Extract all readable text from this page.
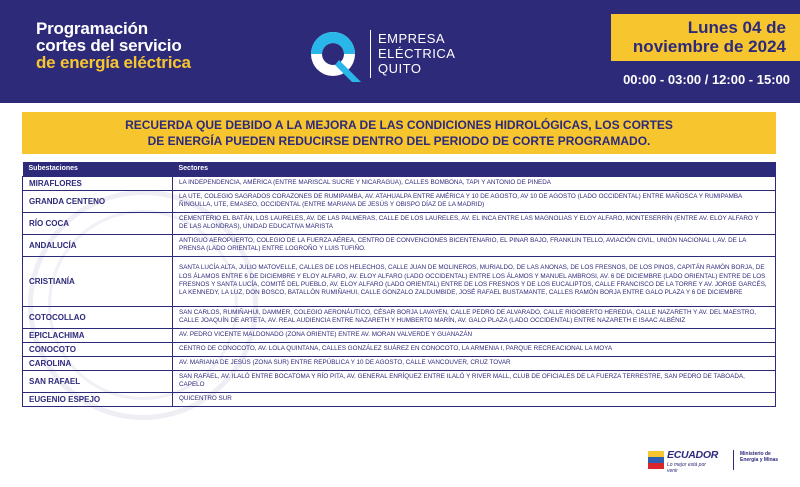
Programación
cortes del servicio
de energía eléctrica
EMPRESA
ELÉCTRICA
QUITO
Lunes 04 de
noviembre de 2024
00:00 - 03:00 / 12:00 - 15:00
RECUERDA QUE DEBIDO A LA MEJORA DE LAS CONDICIONES HIDROLÓGICAS, LOS CORTES
DE ENERGÍA PUEDEN REDUCIRSE DENTRO DEL PERIODO DE CORTE PROGRAMADO.
Subestaciones	Sectores
MIRAFLORES	LA INDEPENDENCIA, AMÉRICA (ENTRE MARISCAL SUCRE Y NICARAGUA), CALLES BOMBONA, TAPI Y ANTONIO DE PINEDA
GRANDA CENTENO	LA UTE, COLEGIO SAGRADOS CORAZONES DE RUMIPAMBA, AV. ATAHUALPA ENTRE AMÉRICA Y 10 DE AGOSTO, AV 10 DE AGOSTO (LADO OCCIDENTAL) ENTRE MAÑOSCA Y RUMIPAMBA ÑINGULLA, UTE, EMASEO, OCCIDENTAL (ENTRE MARIANA DE JESÚS Y OBISPO DÍAZ DE LA MADRID)
RÍO COCA	CEMENTERIO EL BATÁN, LOS LAURELES, AV. DE LAS PALMERAS, CALLE DE LOS LAURELES, AV. EL INCA ENTRE LAS MAGNOLIAS Y ELOY ALFARO, MONTESERRÍN (ENTRE AV. ELOY ALFARO Y DE LAS ALONDRAS), UNIDAD EDUCATIVA MARISTA
ANDALUCÍA	ANTIGUO AEROPUERTO, COLEGIO DE LA FUERZA AÉREA, CENTRO DE CONVENCIONES BICENTENARIO, EL PINAR BAJO, FRANKLIN TELLO, AVIACIÓN CIVIL, UNIÓN NACIONAL I, AV. DE LA PRENSA (LADO ORIENTAL) ENTRE LOGROÑO Y LUIS TUFIÑO.
CRISTIANÍA	SANTA LUCÍA ALTA, JULIO MATOVELLE, CALLES DE LOS HELECHOS, CALLE JUAN DE MOLINEROS, MURIALDO, DE LAS ANONAS, DE LOS FRESNOS, DE LOS PINOS, CAPITÁN RAMÓN BORJA, DE LOS ÁLAMOS ENTRE 6 DE DICIEMBRE Y ELOY ALFARO, AV. ELOY ALFARO (LADO OCCIDENTAL) ENTRE LOS ÁLAMOS Y MANUEL AMBROSI, AV. 6 DE DICIEMBRE (LADO ORIENTAL) ENTRE DE LOS FRESNOS Y SANTA LUCÍA, COMITÉ DEL PUEBLO, AV. ELOY ALFARO (LADO ORIENTAL) ENTRE DE LOS FRESNOS Y DE LOS EUCALIPTOS, CALLE FRANCISCO DE LA TORRE Y AV. JORGE GARCÉS, LA KENNEDY, LA LUZ, DON BOSCO, BATALLÓN RUMIÑAHUI, CALLE GONZALO ZALDUMBIDE, JOSÉ RAFAEL BUSTAMANTE, CALLES RAMÓN BORJA ENTRE GALO PLAZA Y 6 DE DICIEMBRE
COTOCOLLAO	SAN CARLOS, RUMIÑAHUI, DAMMER, COLEGIO AERONÁUTICO, CÉSAR BORJA LAVAYEN, CALLE PEDRO DE ALVARADO, CALLE RIGOBERTO HEREDIA, CALLE NAZARETH Y AV. DEL MAESTRO, CALLE JOAQUÍN DE ARTETA, AV. REAL AUDIENCIA ENTRE NAZARETH Y HUMBERTO MARÍN, AV. GALO PLAZA (LADO OCCIDENTAL) ENTRE NAZARETH E ISAAC ALBÉNIZ
EPICLACHIMA	AV. PEDRO VICENTE MALDONADO (ZONA ORIENTE) ENTRE AV. MORAN VALVERDE Y GUANAZÁN
CONOCOTO	CENTRO DE CONOCOTO, AV. LOLA QUINTANA, CALLES GONZÁLEZ SUÁREZ EN CONOCOTO, LA ARMENIA I, PARQUE RECREACIONAL LA MOYA
CAROLINA	AV. MARIANA DE JESÚS (ZONA SUR) ENTRE REPÚBLICA Y 10 DE AGOSTO, CALLE VANCOUVER, CRUZ TOVAR
SAN RAFAEL	SAN RAFAEL, AV. ILALÓ ENTRE BOCATOMA Y RÍO PITA, AV. GENERAL ENRÍQUEZ ENTRE ILALÓ Y RIVER MALL, CLUB DE OFICIALES DE LA FUERZA TERRESTRE, SAN PEDRO DE TABOADA, CAPELO
EUGENIO ESPEJO	QUICENTRO SUR
ECUADOR
Lo mejor está por venir
Ministerio de
Energía y Minas
